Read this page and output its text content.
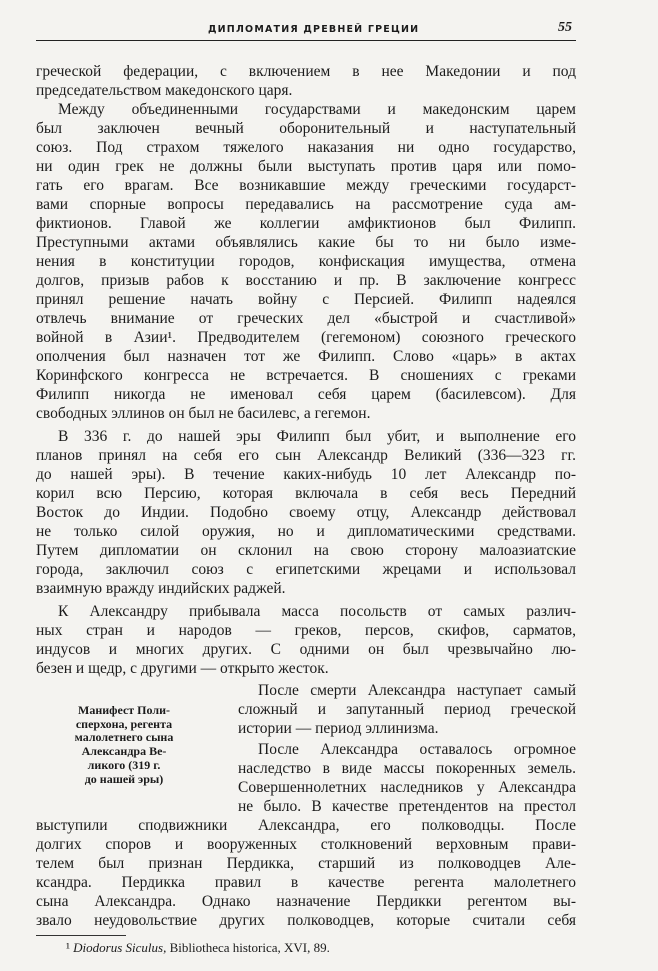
ДИПЛОМАТИЯ ДРЕВНЕЙ ГРЕЦИИ	55
греческой федерации, с включением в нее Македонии и под
председательством македонского царя.
Между объединенными государствами и македонским царем
был заключен вечный оборонительный и наступательный
союз. Под страхом тяжелого наказания ни одно государство,
ни один грек не должны были выступать против царя или помо-
гать его врагам. Все возникавшие между греческими государст-
вами спорные вопросы передавались на рассмотрение суда ам-
фиктионов. Главой же коллегии амфиктионов был Филипп.
Преступными актами объявлялись какие бы то ни было изме-
нения в конституции городов, конфискация имущества, отмена
долгов, призыв рабов к восстанию и пр. В заключение конгресс
принял решение начать войну с Персией. Филипп надеялся
отвлечь внимание от греческих дел «быстрой и счастливой»
войной в Азии¹. Предводителем (гегемоном) союзного греческого
ополчения был назначен тот же Филипп. Слово «царь» в актах
Коринфского конгресса не встречается. В сношениях с греками
Филипп никогда не именовал себя царем (басилевсом). Для
свободных эллинов он был не басилевс, а гегемон.
В 336 г. до нашей эры Филипп был убит, и выполнение его
планов принял на себя его сын Александр Великий (336—323 гг.
до нашей эры). В течение каких-нибудь 10 лет Александр по-
корил всю Персию, которая включала в себя весь Передний
Восток до Индии. Подобно своему отцу, Александр действовал
не только силой оружия, но и дипломатическими средствами.
Путем дипломатии он склонил на свою сторону малоазиатские
города, заключил союз с египетскими жрецами и использовал
взаимную вражду индийских раджей.
К Александру прибывала масса посольств от самых различ-
ных стран и народов — греков, персов, скифов, сарматов,
индусов и многих других. С одними он был чрезвычайно лю-
безен и щедр, с другими — открыто жесток.
После смерти Александра наступает самый
сложный и запутанный период греческой
истории — период эллинизма.
После Александра оставалось огромное
наследство в виде массы покоренных земель.
Совершеннолетних наследников у Александра
не было. В качестве претендентов на престол
выступили сподвижники Александра, его полководцы. После
долгих споров и вооруженных столкновений верховным прави-
телем был признан Пердикка, старший из полководцев Але-
ксандра. Пердикка правил в качестве регента малолетнего
сына Александра. Однако назначение Пердикки регентом вы-
звало неудовольствие других полководцев, которые считали себя
Манифест Поли-
сперхона, регента
малолетнего сына
Александра Ве-
ликого (319 г.
до нашей эры)
¹ Diodorus Siculus, Bibliotheca historica, XVI, 89.
